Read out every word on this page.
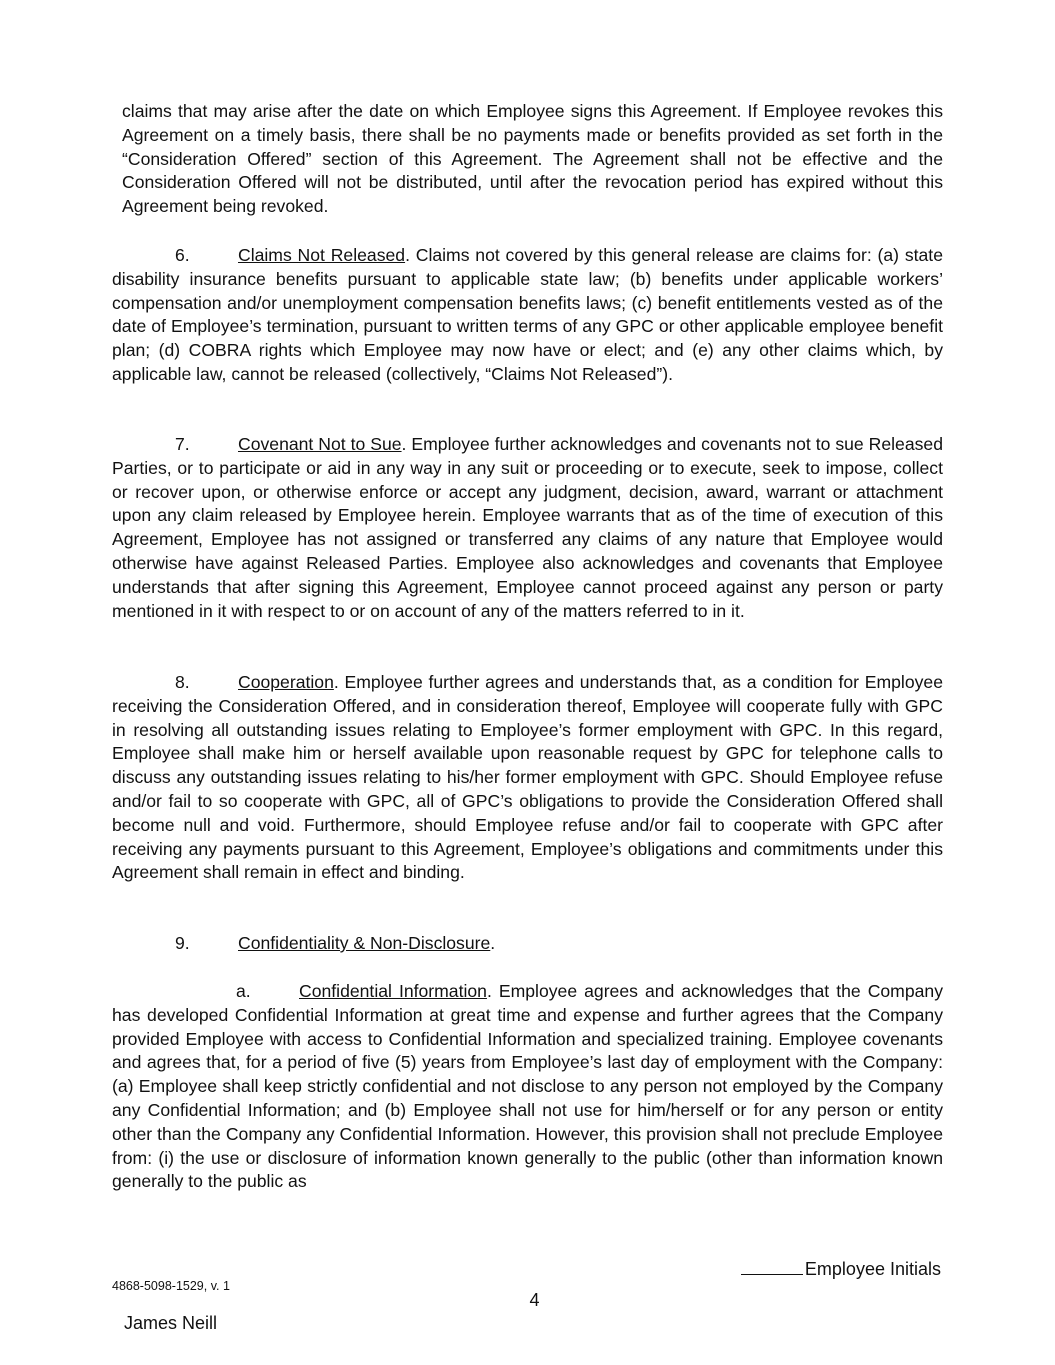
claims that may arise after the date on which Employee signs this Agreement. If Employee revokes this Agreement on a timely basis, there shall be no payments made or benefits provided as set forth in the “Consideration Offered” section of this Agreement. The Agreement shall not be effective and the Consideration Offered will not be distributed, until after the revocation period has expired without this Agreement being revoked.

6.	Claims Not Released. Claims not covered by this general release are claims for: (a) state disability insurance benefits pursuant to applicable state law; (b) benefits under applicable workers’ compensation and/or unemployment compensation benefits laws; (c) benefit entitlements vested as of the date of Employee’s termination, pursuant to written terms of any GPC or other applicable employee benefit plan; (d) COBRA rights which Employee may now have or elect; and (e) any other claims which, by applicable law, cannot be released (collectively, “Claims Not Released”).

7.	Covenant Not to Sue. Employee further acknowledges and covenants not to sue Released Parties, or to participate or aid in any way in any suit or proceeding or to execute, seek to impose, collect or recover upon, or otherwise enforce or accept any judgment, decision, award, warrant or attachment upon any claim released by Employee herein. Employee warrants that as of the time of execution of this Agreement, Employee has not assigned or transferred any claims of any nature that Employee would otherwise have against Released Parties. Employee also acknowledges and covenants that Employee understands that after signing this Agreement, Employee cannot proceed against any person or party mentioned in it with respect to or on account of any of the matters referred to in it.

8.	Cooperation. Employee further agrees and understands that, as a condition for Employee receiving the Consideration Offered, and in consideration thereof, Employee will cooperate fully with GPC in resolving all outstanding issues relating to Employee’s former employment with GPC. In this regard, Employee shall make him or herself available upon reasonable request by GPC for telephone calls to discuss any outstanding issues relating to his/her former employment with GPC. Should Employee refuse and/or fail to so cooperate with GPC, all of GPC’s obligations to provide the Consideration Offered shall become null and void. Furthermore, should Employee refuse and/or fail to cooperate with GPC after receiving any payments pursuant to this Agreement, Employee’s obligations and commitments under this Agreement shall remain in effect and binding.

9.	Confidentiality & Non-Disclosure.

a.	Confidential Information. Employee agrees and acknowledges that the Company has developed Confidential Information at great time and expense and further agrees that the Company provided Employee with access to Confidential Information and specialized training. Employee covenants and agrees that, for a period of five (5) years from Employee’s last day of employment with the Company: (a) Employee shall keep strictly confidential and not disclose to any person not employed by the Company any Confidential Information; and (b) Employee shall not use for him/herself or for any person or entity other than the Company any Confidential Information. However, this provision shall not preclude Employee from: (i) the use or disclosure of information known generally to the public (other than information known generally to the public as

Employee Initials
4868-5098-1529, v. 1
4
James Neill
